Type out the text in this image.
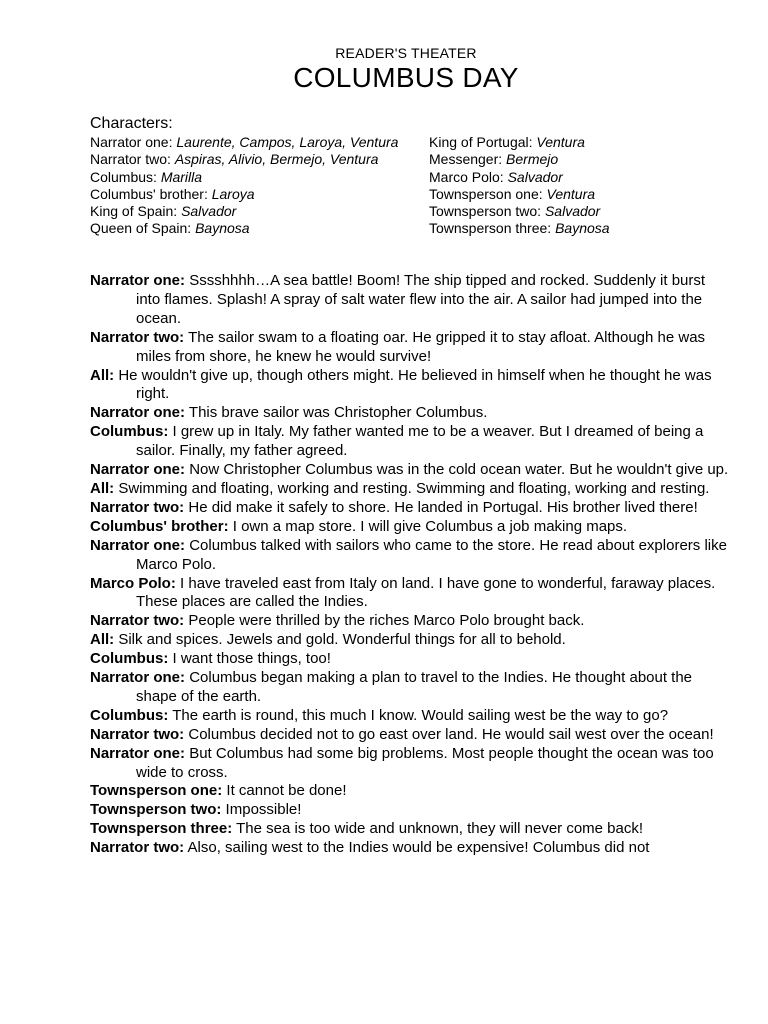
READER'S THEATER
COLUMBUS DAY
Characters:
Narrator one: Laurente, Campos, Laroya, Ventura
Narrator two: Aspiras, Alivio, Bermejo, Ventura
Columbus: Marilla
Columbus' brother: Laroya
King of Spain: Salvador
Queen of Spain: Baynosa
King of Portugal: Ventura
Messenger: Bermejo
Marco Polo: Salvador
Townsperson one: Ventura
Townsperson two: Salvador
Townsperson three: Baynosa
Narrator one: Sssshhhh…A sea battle! Boom! The ship tipped and rocked. Suddenly it burst into flames. Splash! A spray of salt water flew into the air. A sailor had jumped into the ocean.
Narrator two: The sailor swam to a floating oar. He gripped it to stay afloat. Although he was miles from shore, he knew he would survive!
All: He wouldn't give up, though others might. He believed in himself when he thought he was right.
Narrator one: This brave sailor was Christopher Columbus.
Columbus: I grew up in Italy. My father wanted me to be a weaver. But I dreamed of being a sailor. Finally, my father agreed.
Narrator one: Now Christopher Columbus was in the cold ocean water. But he wouldn't give up.
All: Swimming and floating, working and resting. Swimming and floating, working and resting.
Narrator two: He did make it safely to shore. He landed in Portugal. His brother lived there!
Columbus' brother: I own a map store. I will give Columbus a job making maps.
Narrator one: Columbus talked with sailors who came to the store. He read about explorers like Marco Polo.
Marco Polo: I have traveled east from Italy on land. I have gone to wonderful, faraway places. These places are called the Indies.
Narrator two: People were thrilled by the riches Marco Polo brought back.
All: Silk and spices. Jewels and gold. Wonderful things for all to behold.
Columbus: I want those things, too!
Narrator one: Columbus began making a plan to travel to the Indies. He thought about the shape of the earth.
Columbus: The earth is round, this much I know. Would sailing west be the way to go?
Narrator two: Columbus decided not to go east over land. He would sail west over the ocean!
Narrator one: But Columbus had some big problems. Most people thought the ocean was too wide to cross.
Townsperson one: It cannot be done!
Townsperson two: Impossible!
Townsperson three: The sea is too wide and unknown, they will never come back!
Narrator two: Also, sailing west to the Indies would be expensive! Columbus did not
